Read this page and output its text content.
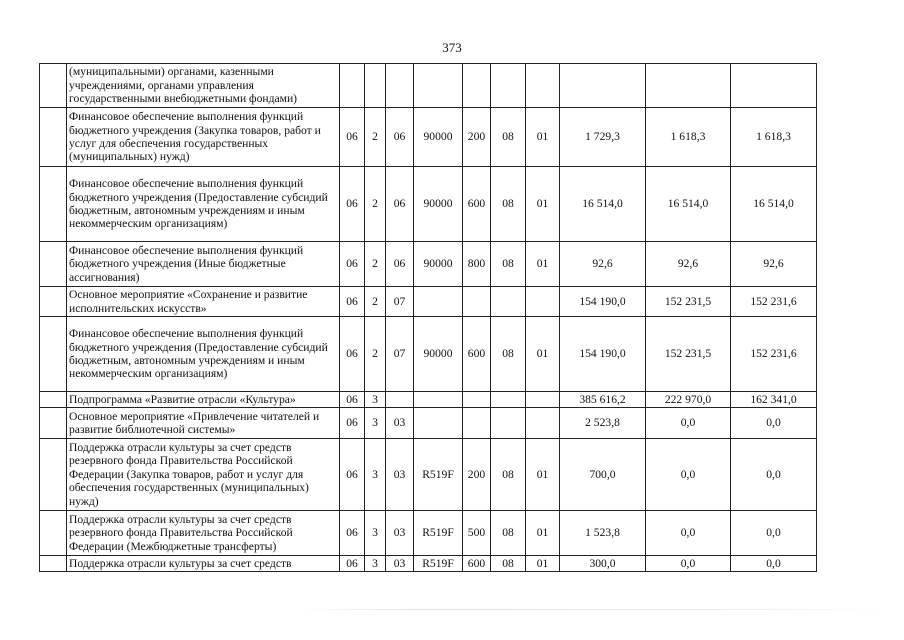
373
	(муниципальными) органами, казенными учреждениями, органами управления государственными внебюджетными фондами)										
	Финансовое обеспечение выполнения функций бюджетного учреждения (Закупка товаров, работ и услуг для обеспечения государственных (муниципальных) нужд)	06	2	06	90000	200	08	01	1 729,3	1 618,3	1 618,3
	Финансовое обеспечение выполнения функций бюджетного учреждения (Предоставление субсидий бюджетным, автономным учреждениям и иным некоммерческим организациям)	06	2	06	90000	600	08	01	16 514,0	16 514,0	16 514,0
	Финансовое обеспечение выполнения функций бюджетного учреждения (Иные бюджетные ассигнования)	06	2	06	90000	800	08	01	92,6	92,6	92,6
	Основное мероприятие «Сохранение и развитие исполнительских искусств»	06	2	07					154 190,0	152 231,5	152 231,6
	Финансовое обеспечение выполнения функций бюджетного учреждения (Предоставление субсидий бюджетным, автономным учреждениям и иным некоммерческим организациям)	06	2	07	90000	600	08	01	154 190,0	152 231,5	152 231,6
	Подпрограмма «Развитие отрасли «Культура»	06	3						385 616,2	222 970,0	162 341,0
	Основное мероприятие «Привлечение читателей и развитие библиотечной системы»	06	3	03					2 523,8	0,0	0,0
	Поддержка отрасли культуры за счет средств резервного фонда Правительства Российской Федерации (Закупка товаров, работ и услуг для обеспечения государственных (муниципальных) нужд)	06	3	03	R519F	200	08	01	700,0	0,0	0,0
	Поддержка отрасли культуры за счет средств резервного фонда Правительства Российской Федерации (Межбюджетные трансферты)	06	3	03	R519F	500	08	01	1 523,8	0,0	0,0
	Поддержка отрасли культуры за счет средств	06	3	03	R519F	600	08	01	300,0	0,0	0,0
